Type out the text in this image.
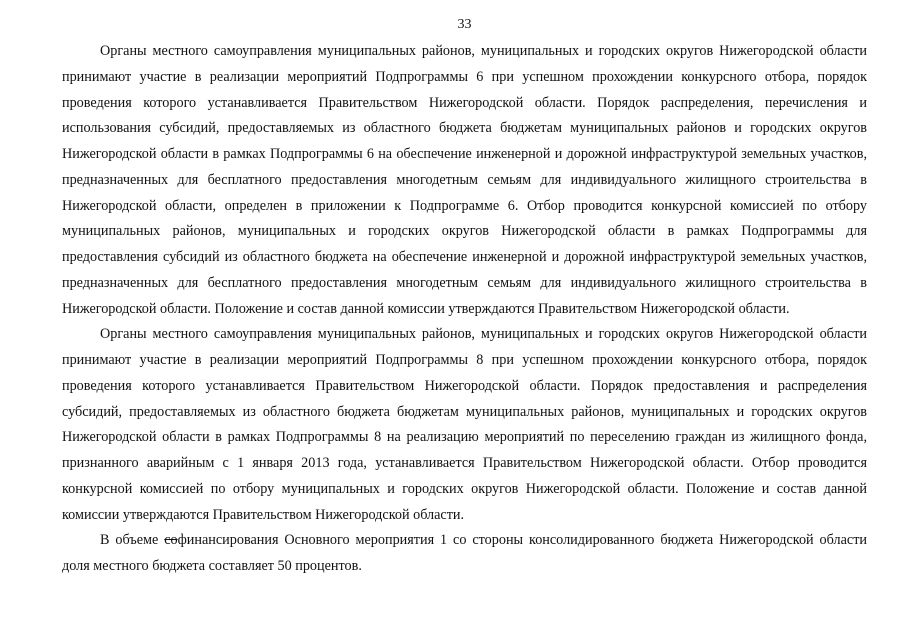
33

Органы местного самоуправления муниципальных районов, муниципальных и городских округов Нижегородской области принимают участие в реализации мероприятий Подпрограммы 6 при успешном прохождении конкурсного отбора, порядок проведения которого устанавливается Правительством Нижегородской области. Порядок распределения, перечисления и использования субсидий, предоставляемых из областного бюджета бюджетам муниципальных районов и городских округов Нижегородской области в рамках Подпрограммы 6 на обеспечение инженерной и дорожной инфраструктурой земельных участков, предназначенных для бесплатного предоставления многодетным семьям для индивидуального жилищного строительства в Нижегородской области, определен в приложении к Подпрограмме 6. Отбор проводится конкурсной комиссией по отбору муниципальных районов, муниципальных и городских округов Нижегородской области в рамках Подпрограммы для предоставления субсидий из областного бюджета на обеспечение инженерной и дорожной инфраструктурой земельных участков, предназначенных для бесплатного предоставления многодетным семьям для индивидуального жилищного строительства в Нижегородской области. Положение и состав данной комиссии утверждаются Правительством Нижегородской области.

Органы местного самоуправления муниципальных районов, муниципальных и городских округов Нижегородской области принимают участие в реализации мероприятий Подпрограммы 8 при успешном прохождении конкурсного отбора, порядок проведения которого устанавливается Правительством Нижегородской области. Порядок предоставления и распределения субсидий, предоставляемых из областного бюджета бюджетам муниципальных районов, муниципальных и городских округов Нижегородской области в рамках Подпрограммы 8 на реализацию мероприятий по переселению граждан из жилищного фонда, признанного аварийным с 1 января 2013 года, устанавливается Правительством Нижегородской области. Отбор проводится конкурсной комиссией по отбору муниципальных и городских округов Нижегородской области. Положение и состав данной комиссии утверждаются Правительством Нижегородской области.

В объеме софинансирования Основного мероприятия 1 со стороны консолидированного бюджета Нижегородской области доля местного бюджета составляет 50 процентов.
